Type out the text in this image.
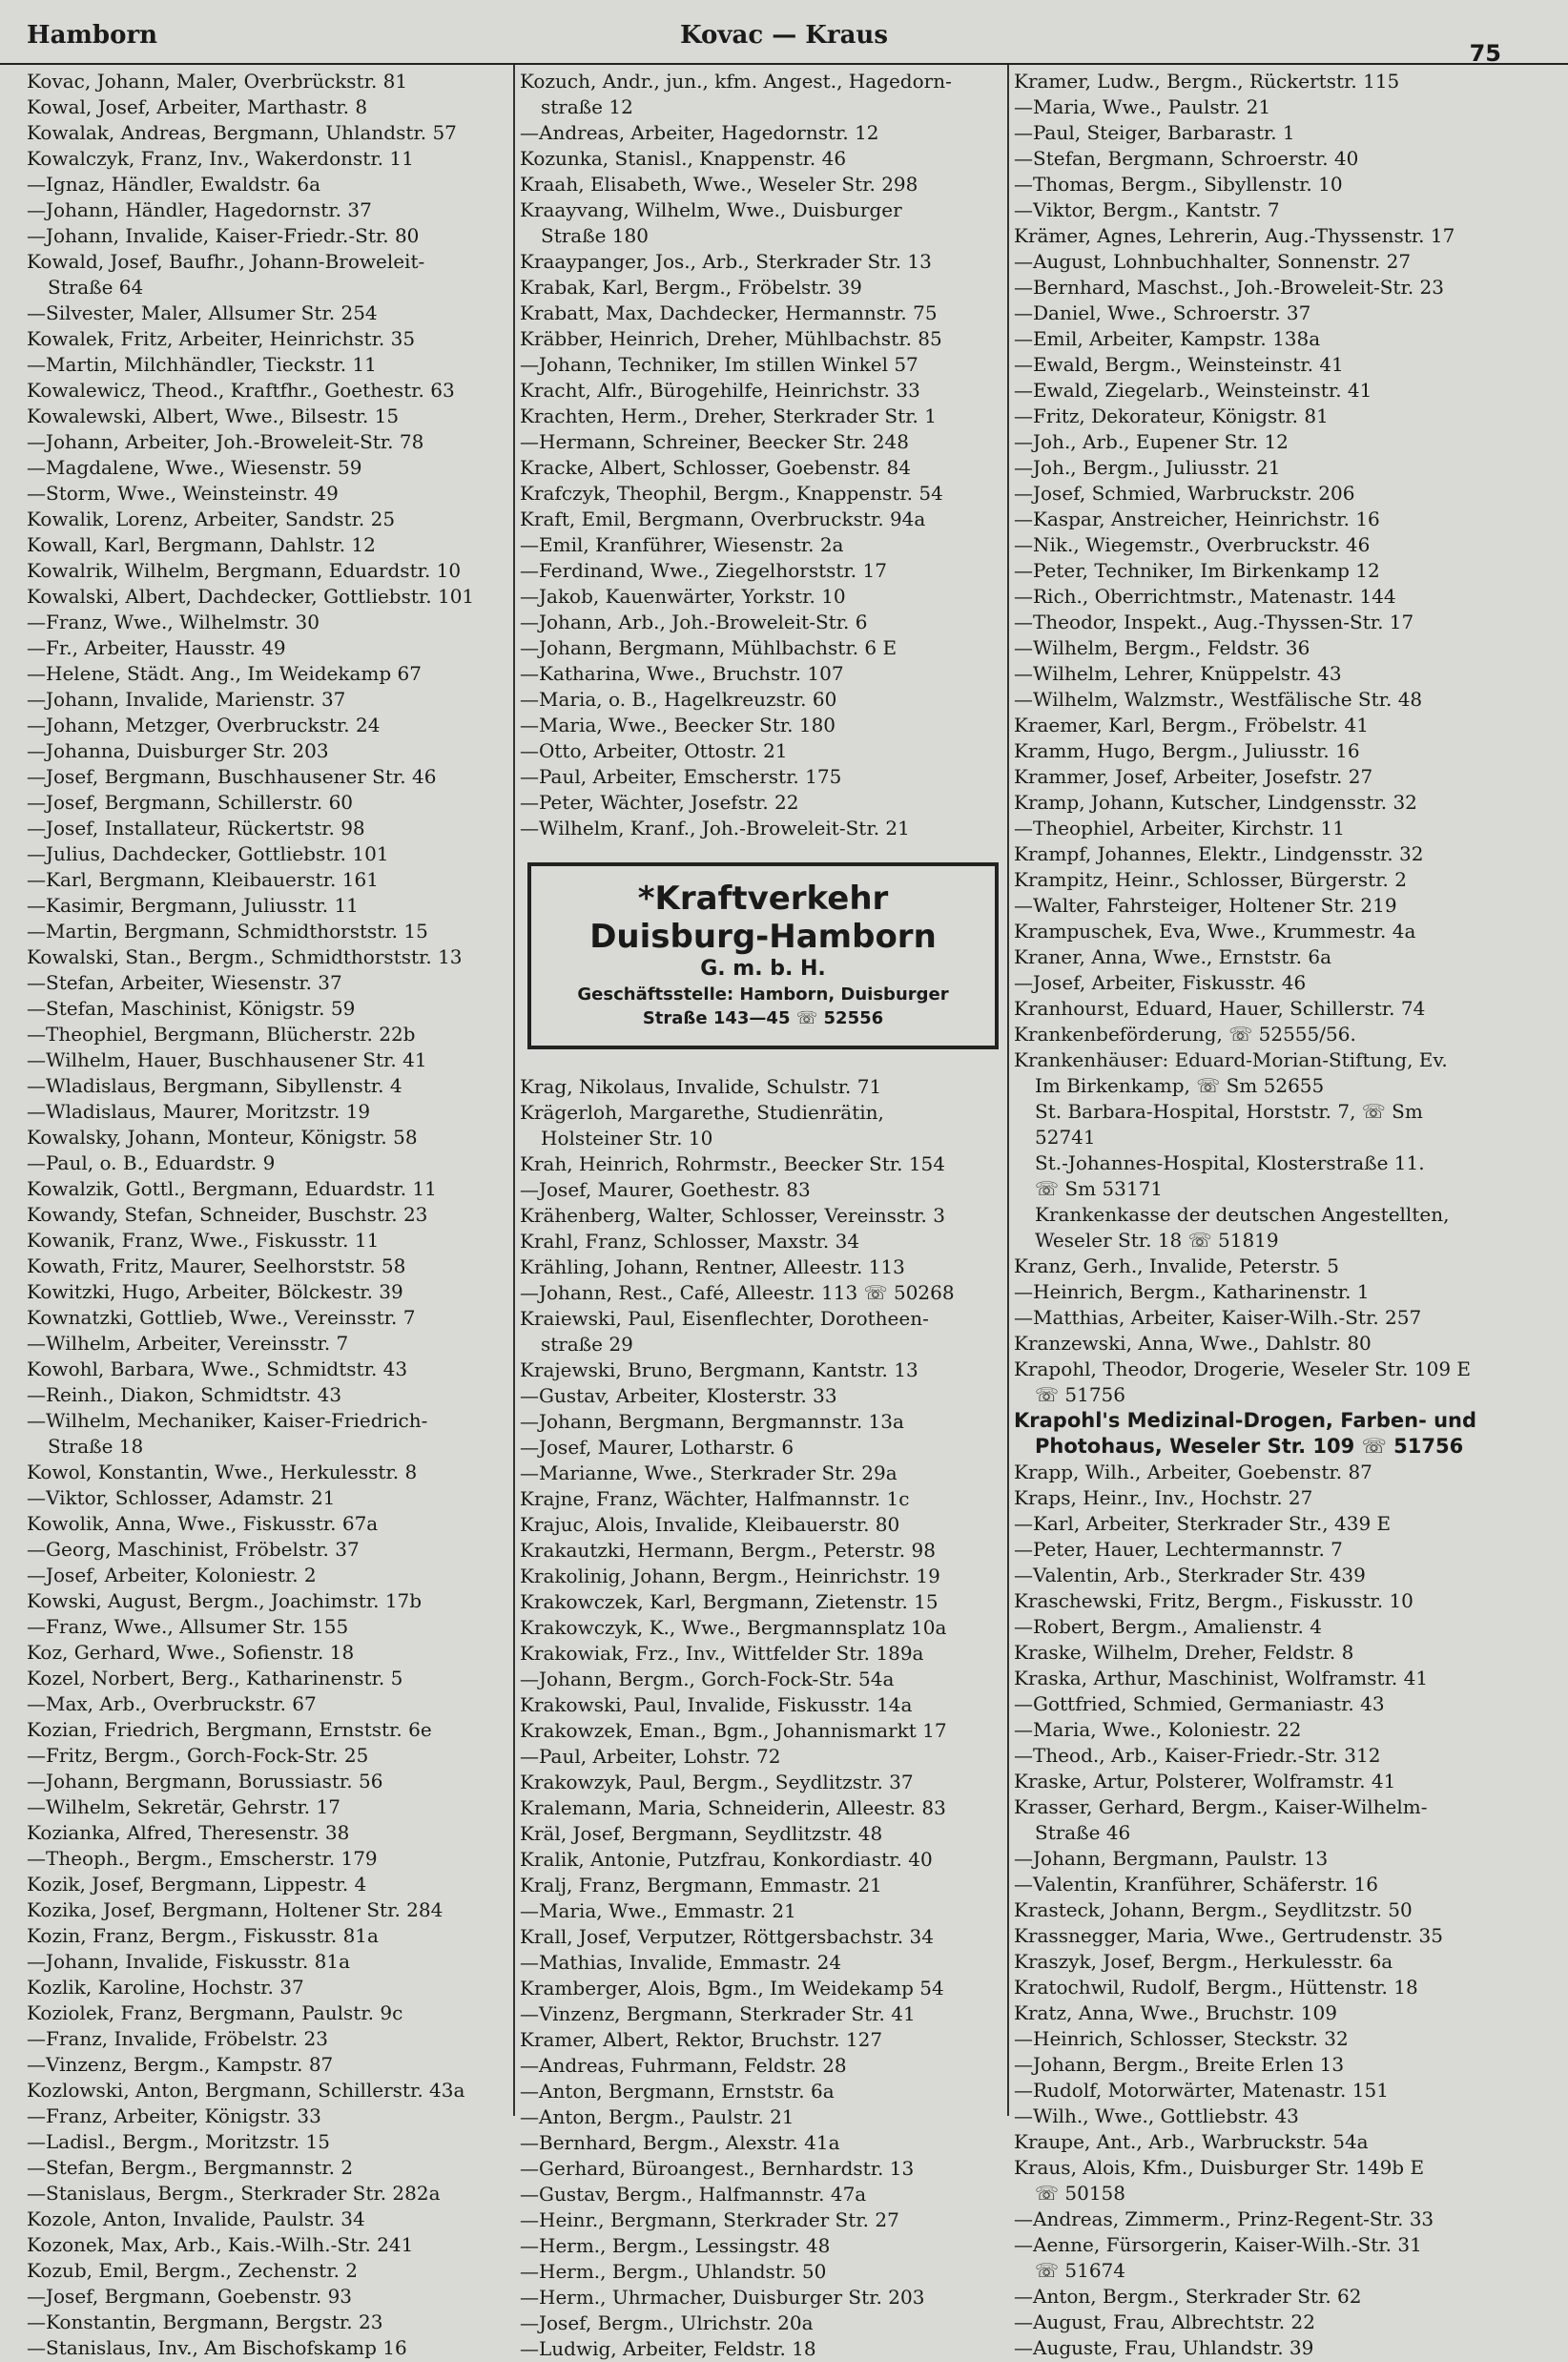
Hamborn	Kovac — Kraus
75
Kovac, Johann, Maler, Overbrückstr. 81
Kowal, Josef, Arbeiter, Marthastr. 8
Kowalak, Andreas, Bergmann, Uhlandstr. 57
Kowalczyk, Franz, Inv., Wakerdonstr. 11
—Ignaz, Händler, Ewaldstr. 6a
—Johann, Händler, Hagedornstr. 37
—Johann, Invalide, Kaiser-Friedr.-Str. 80
Kowald, Josef, Baufhr., Johann-Broweleit-
Straße 64
—Silvester, Maler, Allsumer Str. 254
Kowalek, Fritz, Arbeiter, Heinrichstr. 35
—Martin, Milchhändler, Tieckstr. 11
Kowalewicz, Theod., Kraftfhr., Goethestr. 63
Kowalewski, Albert, Wwe., Bilsestr. 15
—Johann, Arbeiter, Joh.-Broweleit-Str. 78
—Magdalene, Wwe., Wiesenstr. 59
—Storm, Wwe., Weinsteinstr. 49
Kowalik, Lorenz, Arbeiter, Sandstr. 25
Kowall, Karl, Bergmann, Dahlstr. 12
Kowalrik, Wilhelm, Bergmann, Eduardstr. 10
Kowalski, Albert, Dachdecker, Gottliebstr. 101
—Franz, Wwe., Wilhelmstr. 30
—Fr., Arbeiter, Hausstr. 49
—Helene, Städt. Ang., Im Weidekamp 67
—Johann, Invalide, Marienstr. 37
—Johann, Metzger, Overbruckstr. 24
—Johanna, Duisburger Str. 203
—Josef, Bergmann, Buschhausener Str. 46
—Josef, Bergmann, Schillerstr. 60
—Josef, Installateur, Rückertstr. 98
—Julius, Dachdecker, Gottliebstr. 101
—Karl, Bergmann, Kleibauerstr. 161
—Kasimir, Bergmann, Juliusstr. 11
—Martin, Bergmann, Schmidthorststr. 15
Kowalski, Stan., Bergm., Schmidthorststr. 13
—Stefan, Arbeiter, Wiesenstr. 37
—Stefan, Maschinist, Königstr. 59
—Theophiel, Bergmann, Blücherstr. 22b
—Wilhelm, Hauer, Buschhausener Str. 41
—Wladislaus, Bergmann, Sibyllenstr. 4
—Wladislaus, Maurer, Moritzstr. 19
Kowalsky, Johann, Monteur, Königstr. 58
—Paul, o. B., Eduardstr. 9
Kowalzik, Gottl., Bergmann, Eduardstr. 11
Kowandy, Stefan, Schneider, Buschstr. 23
Kowanik, Franz, Wwe., Fiskusstr. 11
Kowath, Fritz, Maurer, Seelhorststr. 58
Kowitzki, Hugo, Arbeiter, Bölckestr. 39
Kownatzki, Gottlieb, Wwe., Vereinsstr. 7
—Wilhelm, Arbeiter, Vereinsstr. 7
Kowohl, Barbara, Wwe., Schmidtstr. 43
—Reinh., Diakon, Schmidtstr. 43
—Wilhelm, Mechaniker, Kaiser-Friedrich-
Straße 18
Kowol, Konstantin, Wwe., Herkulesstr. 8
—Viktor, Schlosser, Adamstr. 21
Kowolik, Anna, Wwe., Fiskusstr. 67a
—Georg, Maschinist, Fröbelstr. 37
—Josef, Arbeiter, Koloniestr. 2
Kowski, August, Bergm., Joachimstr. 17b
—Franz, Wwe., Allsumer Str. 155
Koz, Gerhard, Wwe., Sofienstr. 18
Kozel, Norbert, Berg., Katharinenstr. 5
—Max, Arb., Overbruckstr. 67
Kozian, Friedrich, Bergmann, Ernststr. 6e
—Fritz, Bergm., Gorch-Fock-Str. 25
—Johann, Bergmann, Borussiastr. 56
—Wilhelm, Sekretär, Gehrstr. 17
Kozianka, Alfred, Theresenstr. 38
—Theoph., Bergm., Emscherstr. 179
Kozik, Josef, Bergmann, Lippestr. 4
Kozika, Josef, Bergmann, Holtener Str. 284
Kozin, Franz, Bergm., Fiskusstr. 81a
—Johann, Invalide, Fiskusstr. 81a
Kozlik, Karoline, Hochstr. 37
Koziolek, Franz, Bergmann, Paulstr. 9c
—Franz, Invalide, Fröbelstr. 23
—Vinzenz, Bergm., Kampstr. 87
Kozlowski, Anton, Bergmann, Schillerstr. 43a
—Franz, Arbeiter, Königstr. 33
—Ladisl., Bergm., Moritzstr. 15
—Stefan, Bergm., Bergmannstr. 2
—Stanislaus, Bergm., Sterkrader Str. 282a
Kozole, Anton, Invalide, Paulstr. 34
Kozonek, Max, Arb., Kais.-Wilh.-Str. 241
Kozub, Emil, Bergm., Zechenstr. 2
—Josef, Bergmann, Goebenstr. 93
—Konstantin, Bergmann, Bergstr. 23
—Stanislaus, Inv., Am Bischofskamp 16
Kozuch, Andr., jun., kfm. Angest., Hagedorn-
straße 12
—Andreas, Arbeiter, Hagedornstr. 12
Kozunka, Stanisl., Knappenstr. 46
Kraah, Elisabeth, Wwe., Weseler Str. 298
Kraayvang, Wilhelm, Wwe., Duisburger
Straße 180
Kraaypanger, Jos., Arb., Sterkrader Str. 13
Krabak, Karl, Bergm., Fröbelstr. 39
Krabatt, Max, Dachdecker, Hermannstr. 75
Kräbber, Heinrich, Dreher, Mühlbachstr. 85
—Johann, Techniker, Im stillen Winkel 57
Kracht, Alfr., Bürogehilfe, Heinrichstr. 33
Krachten, Herm., Dreher, Sterkrader Str. 1
—Hermann, Schreiner, Beecker Str. 248
Kracke, Albert, Schlosser, Goebenstr. 84
Krafczyk, Theophil, Bergm., Knappenstr. 54
Kraft, Emil, Bergmann, Overbruckstr. 94a
—Emil, Kranführer, Wiesenstr. 2a
—Ferdinand, Wwe., Ziegelhorststr. 17
—Jakob, Kauenwärter, Yorkstr. 10
—Johann, Arb., Joh.-Broweleit-Str. 6
—Johann, Bergmann, Mühlbachstr. 6 E
—Katharina, Wwe., Bruchstr. 107
—Maria, o. B., Hagelkreuzstr. 60
—Maria, Wwe., Beecker Str. 180
—Otto, Arbeiter, Ottostr. 21
—Paul, Arbeiter, Emscherstr. 175
—Peter, Wächter, Josefstr. 22
—Wilhelm, Kranf., Joh.-Broweleit-Str. 21
*Kraftverkehr
Duisburg-Hamborn
G. m. b. H.
Geschäftsstelle: Hamborn, Duisburger
Straße 143—45 ☏ 52556
Krag, Nikolaus, Invalide, Schulstr. 71
Krägerloh, Margarethe, Studienrätin,
Holsteiner Str. 10
Krah, Heinrich, Rohrmstr., Beecker Str. 154
—Josef, Maurer, Goethestr. 83
Krähenberg, Walter, Schlosser, Vereinsstr. 3
Krahl, Franz, Schlosser, Maxstr. 34
Krähling, Johann, Rentner, Alleestr. 113
—Johann, Rest., Café, Alleestr. 113 ☏ 50268
Kraiewski, Paul, Eisenflechter, Dorotheen-
straße 29
Krajewski, Bruno, Bergmann, Kantstr. 13
—Gustav, Arbeiter, Klosterstr. 33
—Johann, Bergmann, Bergmannstr. 13a
—Josef, Maurer, Lotharstr. 6
—Marianne, Wwe., Sterkrader Str. 29a
Krajne, Franz, Wächter, Halfmannstr. 1c
Krajuc, Alois, Invalide, Kleibauerstr. 80
Krakautzki, Hermann, Bergm., Peterstr. 98
Krakolinig, Johann, Bergm., Heinrichstr. 19
Krakowczek, Karl, Bergmann, Zietenstr. 15
Krakowczyk, K., Wwe., Bergmannsplatz 10a
Krakowiak, Frz., Inv., Wittfelder Str. 189a
—Johann, Bergm., Gorch-Fock-Str. 54a
Krakowski, Paul, Invalide, Fiskusstr. 14a
Krakowzek, Eman., Bgm., Johannismarkt 17
—Paul, Arbeiter, Lohstr. 72
Krakowzyk, Paul, Bergm., Seydlitzstr. 37
Kralemann, Maria, Schneiderin, Alleestr. 83
Kräl, Josef, Bergmann, Seydlitzstr. 48
Kralik, Antonie, Putzfrau, Konkordiastr. 40
Kralj, Franz, Bergmann, Emmastr. 21
—Maria, Wwe., Emmastr. 21
Krall, Josef, Verputzer, Röttgersbachstr. 34
—Mathias, Invalide, Emmastr. 24
Kramberger, Alois, Bgm., Im Weidekamp 54
—Vinzenz, Bergmann, Sterkrader Str. 41
Kramer, Albert, Rektor, Bruchstr. 127
—Andreas, Fuhrmann, Feldstr. 28
—Anton, Bergmann, Ernststr. 6a
—Anton, Bergm., Paulstr. 21
—Bernhard, Bergm., Alexstr. 41a
—Gerhard, Büroangest., Bernhardstr. 13
—Gustav, Bergm., Halfmannstr. 47a
—Heinr., Bergmann, Sterkrader Str. 27
—Herm., Bergm., Lessingstr. 48
—Herm., Bergm., Uhlandstr. 50
—Herm., Uhrmacher, Duisburger Str. 203
—Josef, Bergm., Ulrichstr. 20a
—Ludwig, Arbeiter, Feldstr. 18
Kramer, Ludw., Bergm., Rückertstr. 115
—Maria, Wwe., Paulstr. 21
—Paul, Steiger, Barbarastr. 1
—Stefan, Bergmann, Schroerstr. 40
—Thomas, Bergm., Sibyllenstr. 10
—Viktor, Bergm., Kantstr. 7
Krämer, Agnes, Lehrerin, Aug.-Thyssenstr. 17
—August, Lohnbuchhalter, Sonnenstr. 27
—Bernhard, Maschst., Joh.-Broweleit-Str. 23
—Daniel, Wwe., Schroerstr. 37
—Emil, Arbeiter, Kampstr. 138a
—Ewald, Bergm., Weinsteinstr. 41
—Ewald, Ziegelarb., Weinsteinstr. 41
—Fritz, Dekorateur, Königstr. 81
—Joh., Arb., Eupener Str. 12
—Joh., Bergm., Juliusstr. 21
—Josef, Schmied, Warbruckstr. 206
—Kaspar, Anstreicher, Heinrichstr. 16
—Nik., Wiegemstr., Overbruckstr. 46
—Peter, Techniker, Im Birkenkamp 12
—Rich., Oberrichtmstr., Matenastr. 144
—Theodor, Inspekt., Aug.-Thyssen-Str. 17
—Wilhelm, Bergm., Feldstr. 36
—Wilhelm, Lehrer, Knüppelstr. 43
—Wilhelm, Walzmstr., Westfälische Str. 48
Kraemer, Karl, Bergm., Fröbelstr. 41
Kramm, Hugo, Bergm., Juliusstr. 16
Krammer, Josef, Arbeiter, Josefstr. 27
Kramp, Johann, Kutscher, Lindgensstr. 32
—Theophiel, Arbeiter, Kirchstr. 11
Krampf, Johannes, Elektr., Lindgensstr. 32
Krampitz, Heinr., Schlosser, Bürgerstr. 2
—Walter, Fahrsteiger, Holtener Str. 219
Krampuschek, Eva, Wwe., Krummestr. 4a
Kraner, Anna, Wwe., Ernststr. 6a
—Josef, Arbeiter, Fiskusstr. 46
Kranhourst, Eduard, Hauer, Schillerstr. 74
Krankenbeförderung, ☏ 52555/56.
Krankenhäuser: Eduard-Morian-Stiftung, Ev.
Im Birkenkamp, ☏ Sm 52655
St. Barbara-Hospital, Horststr. 7, ☏ Sm
52741
St.-Johannes-Hospital, Klosterstraße 11.
☏ Sm 53171
Krankenkasse der deutschen Angestellten,
Weseler Str. 18 ☏ 51819
Kranz, Gerh., Invalide, Peterstr. 5
—Heinrich, Bergm., Katharinenstr. 1
—Matthias, Arbeiter, Kaiser-Wilh.-Str. 257
Kranzewski, Anna, Wwe., Dahlstr. 80
Krapohl, Theodor, Drogerie, Weseler Str. 109 E
☏ 51756
Krapohl's Medizinal-Drogen, Farben- und
Photohaus, Weseler Str. 109 ☏ 51756
Krapp, Wilh., Arbeiter, Goebenstr. 87
Kraps, Heinr., Inv., Hochstr. 27
—Karl, Arbeiter, Sterkrader Str., 439 E
—Peter, Hauer, Lechtermannstr. 7
—Valentin, Arb., Sterkrader Str. 439
Kraschewski, Fritz, Bergm., Fiskusstr. 10
—Robert, Bergm., Amalienstr. 4
Kraske, Wilhelm, Dreher, Feldstr. 8
Kraska, Arthur, Maschinist, Wolframstr. 41
—Gottfried, Schmied, Germaniastr. 43
—Maria, Wwe., Koloniestr. 22
—Theod., Arb., Kaiser-Friedr.-Str. 312
Kraske, Artur, Polsterer, Wolframstr. 41
Krasser, Gerhard, Bergm., Kaiser-Wilhelm-
Straße 46
—Johann, Bergmann, Paulstr. 13
—Valentin, Kranführer, Schäferstr. 16
Krasteck, Johann, Bergm., Seydlitzstr. 50
Krassnegger, Maria, Wwe., Gertrudenstr. 35
Kraszyk, Josef, Bergm., Herkulesstr. 6a
Kratochwil, Rudolf, Bergm., Hüttenstr. 18
Kratz, Anna, Wwe., Bruchstr. 109
—Heinrich, Schlosser, Steckstr. 32
—Johann, Bergm., Breite Erlen 13
—Rudolf, Motorwärter, Matenastr. 151
—Wilh., Wwe., Gottliebstr. 43
Kraupe, Ant., Arb., Warbruckstr. 54a
Kraus, Alois, Kfm., Duisburger Str. 149b E
☏ 50158
—Andreas, Zimmerm., Prinz-Regent-Str. 33
—Aenne, Fürsorgerin, Kaiser-Wilh.-Str. 31
☏ 51674
—Anton, Bergm., Sterkrader Str. 62
—August, Frau, Albrechtstr. 22
—Auguste, Frau, Uhlandstr. 39
